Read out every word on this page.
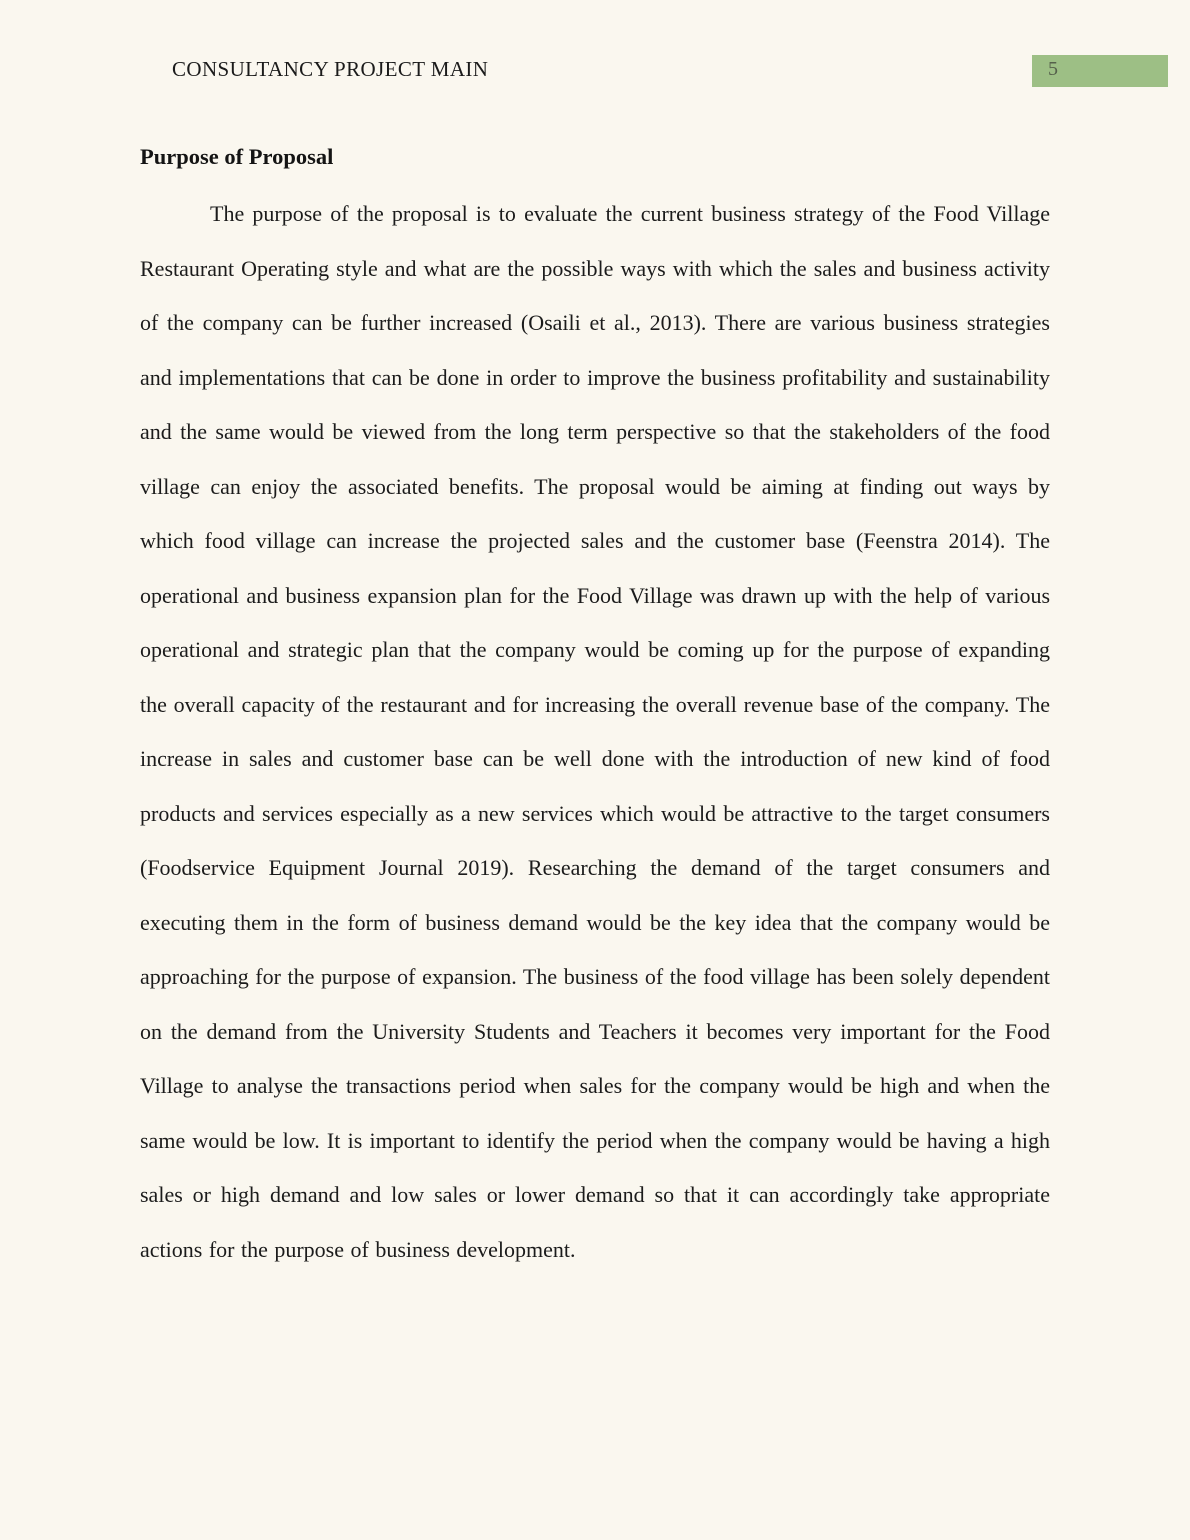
CONSULTANCY PROJECT MAIN	5
Purpose of Proposal

The purpose of the proposal is to evaluate the current business strategy of the Food Village Restaurant Operating style and what are the possible ways with which the sales and business activity of the company can be further increased (Osaili et al., 2013). There are various business strategies and implementations that can be done in order to improve the business profitability and sustainability and the same would be viewed from the long term perspective so that the stakeholders of the food village can enjoy the associated benefits. The proposal would be aiming at finding out ways by which food village can increase the projected sales and the customer base (Feenstra 2014). The operational and business expansion plan for the Food Village was drawn up with the help of various operational and strategic plan that the company would be coming up for the purpose of expanding the overall capacity of the restaurant and for increasing the overall revenue base of the company. The increase in sales and customer base can be well done with the introduction of new kind of food products and services especially as a new services which would be attractive to the target consumers (Foodservice Equipment Journal 2019). Researching the demand of the target consumers and executing them in the form of business demand would be the key idea that the company would be approaching for the purpose of expansion. The business of the food village has been solely dependent on the demand from the University Students and Teachers it becomes very important for the Food Village to analyse the transactions period when sales for the company would be high and when the same would be low. It is important to identify the period when the company would be having a high sales or high demand and low sales or lower demand so that it can accordingly take appropriate actions for the purpose of business development.
